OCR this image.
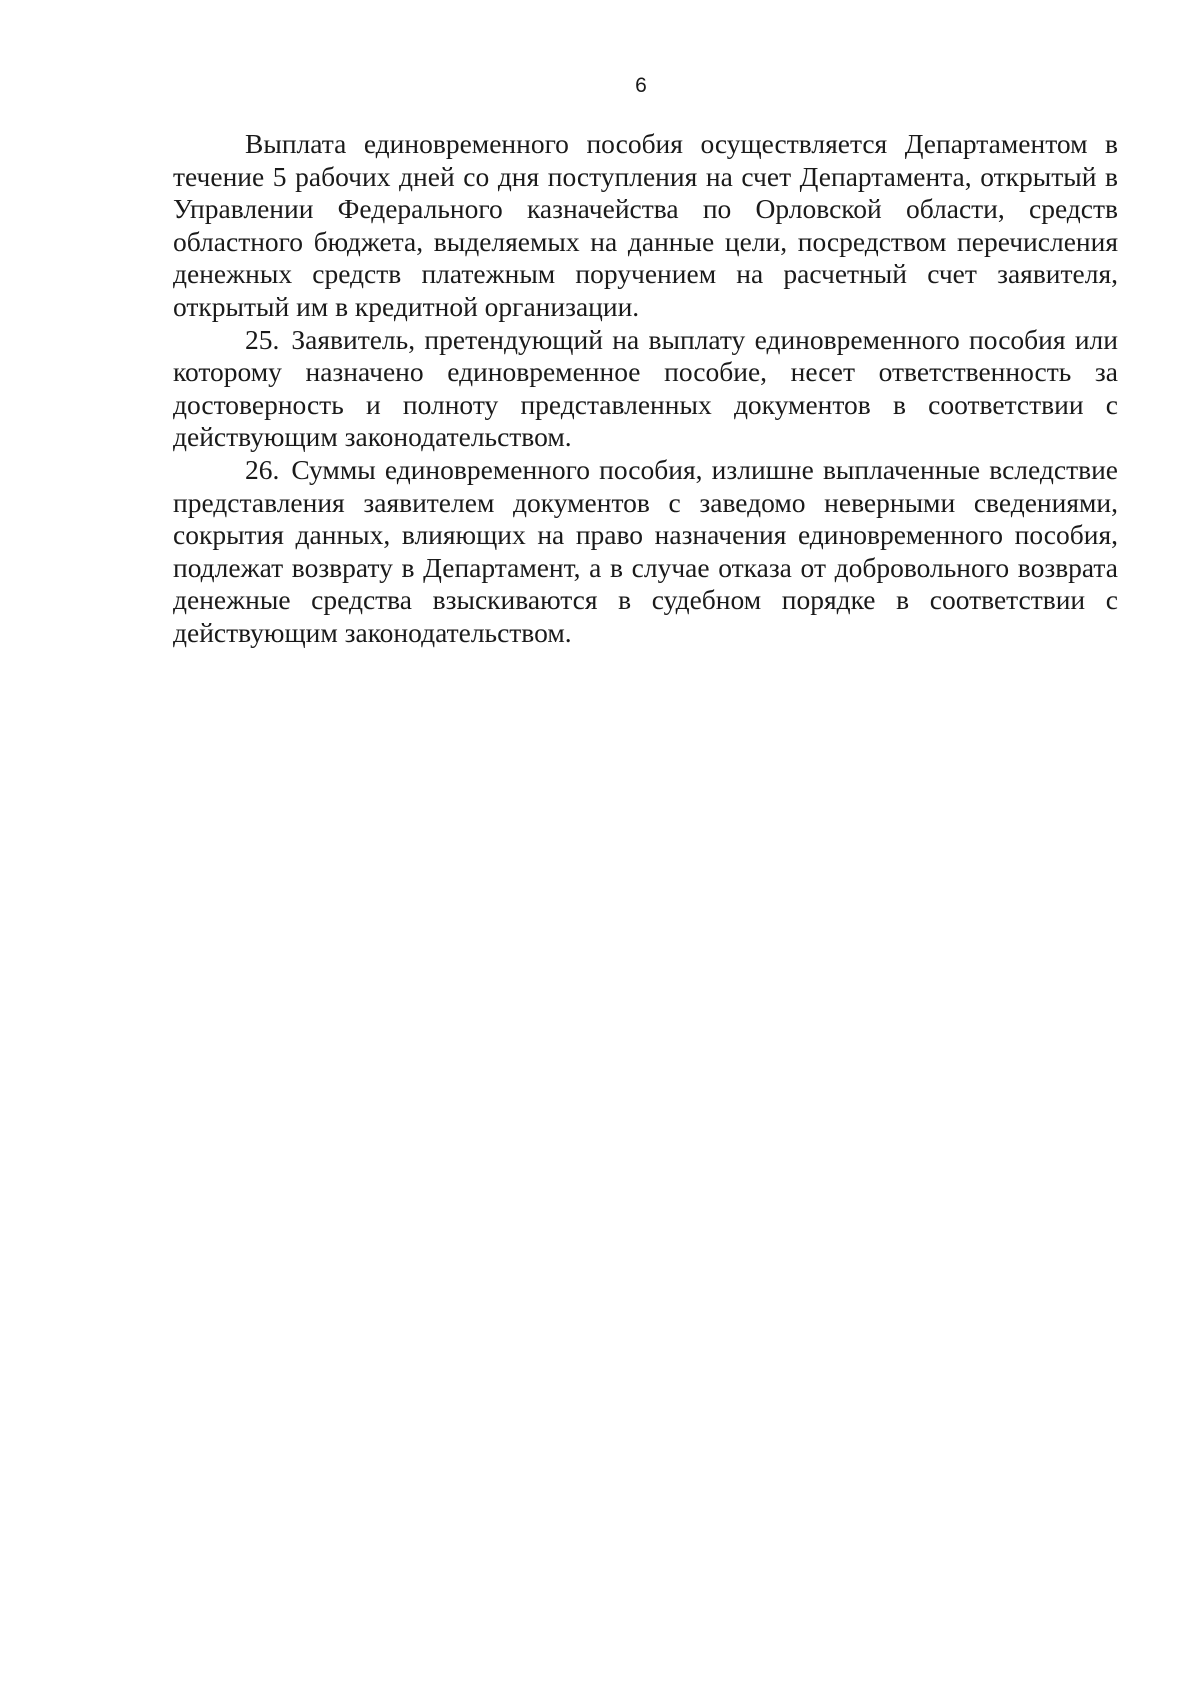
6

Выплата единовременного пособия осуществляется Департаментом в течение 5 рабочих дней со дня поступления на счет Департамента, открытый в Управлении Федерального казначейства по Орловской области, средств областного бюджета, выделяемых на данные цели, посредством перечисления денежных средств платежным поручением на расчетный счет заявителя, открытый им в кредитной организации.

25. Заявитель, претендующий на выплату единовременного пособия или которому назначено единовременное пособие, несет ответственность за достоверность и полноту представленных документов в соответствии с действующим законодательством.

26. Суммы единовременного пособия, излишне выплаченные вследствие представления заявителем документов с заведомо неверными сведениями, сокрытия данных, влияющих на право назначения единовременного пособия, подлежат возврату в Департамент, а в случае отказа от добровольного возврата денежные средства взыскиваются в судебном порядке в соответствии с действующим законодательством.
